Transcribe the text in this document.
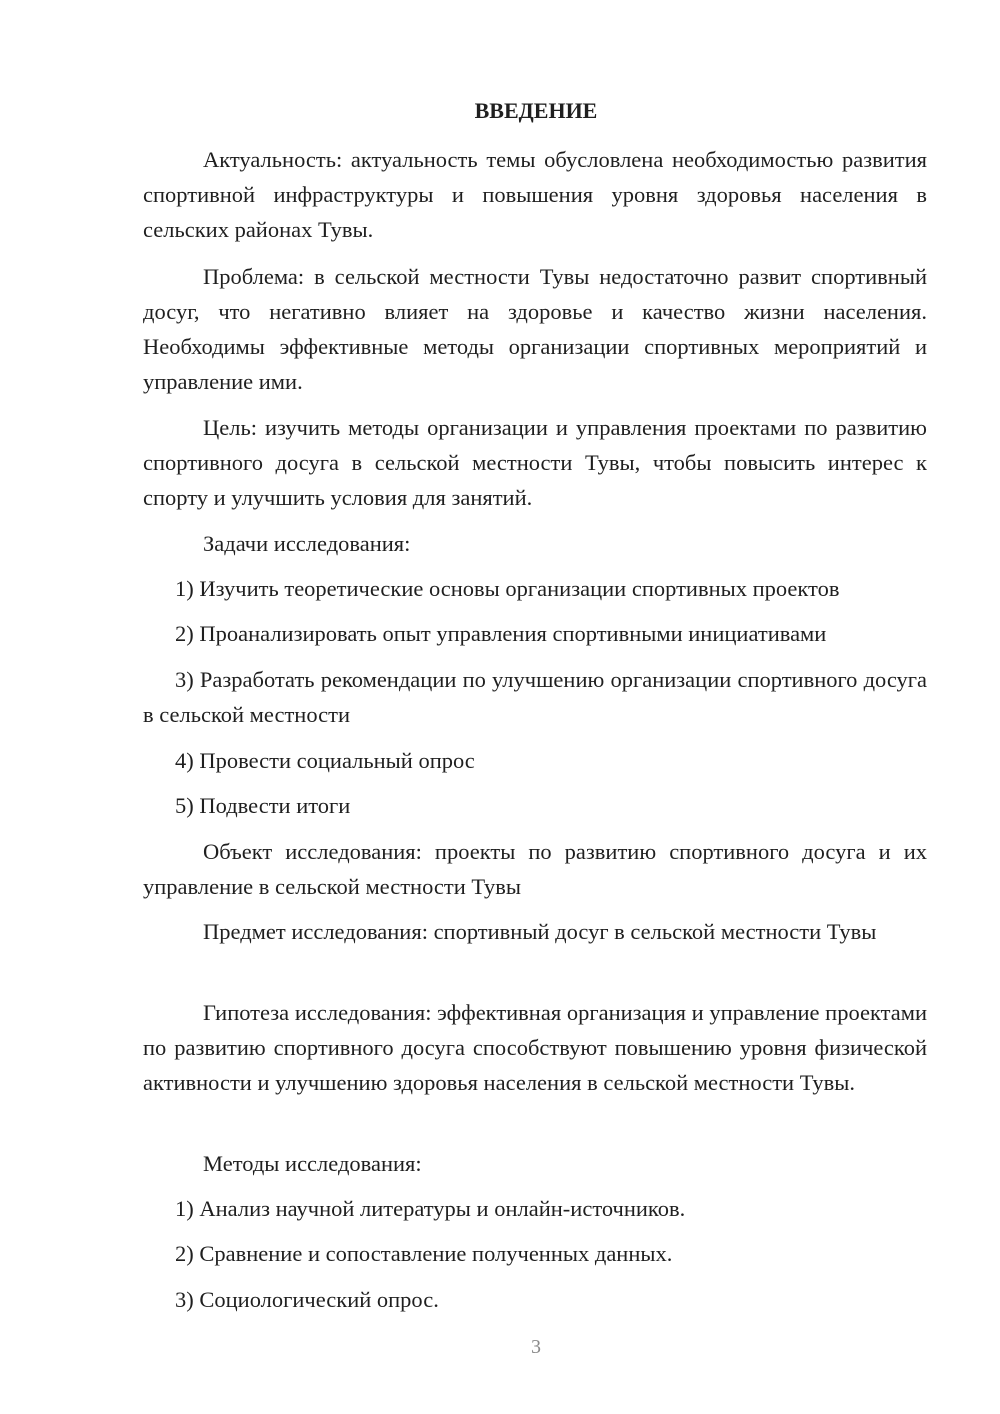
ВВЕДЕНИЕ

Актуальность: актуальность темы обусловлена необходимостью развития спортивной инфраструктуры и повышения уровня здоровья населения в сельских районах Тувы.

Проблема: в сельской местности Тувы недостаточно развит спортивный досуг, что негативно влияет на здоровье и качество жизни населения. Необходимы эффективные методы организации спортивных мероприятий и управление ими.

Цель: изучить методы организации и управления проектами по развитию спортивного досуга в сельской местности Тувы, чтобы повысить интерес к спорту и улучшить условия для занятий.

Задачи исследования:

1) Изучить теоретические основы организации спортивных проектов

2) Проанализировать опыт управления спортивными инициативами

3) Разработать рекомендации по улучшению организации спортивного досуга в сельской местности

4) Провести социальный опрос

5) Подвести итоги

Объект исследования: проекты по развитию спортивного досуга и их управление в сельской местности Тувы

Предмет исследования: спортивный досуг в сельской местности Тувы

Гипотеза исследования: эффективная организация и управление проектами по развитию спортивного досуга способствуют повышению уровня физической активности и улучшению здоровья населения в сельской местности Тувы.

Методы исследования:

1) Анализ научной литературы и онлайн-источников.

2) Сравнение и сопоставление полученных данных.

3) Социологический опрос.

3
